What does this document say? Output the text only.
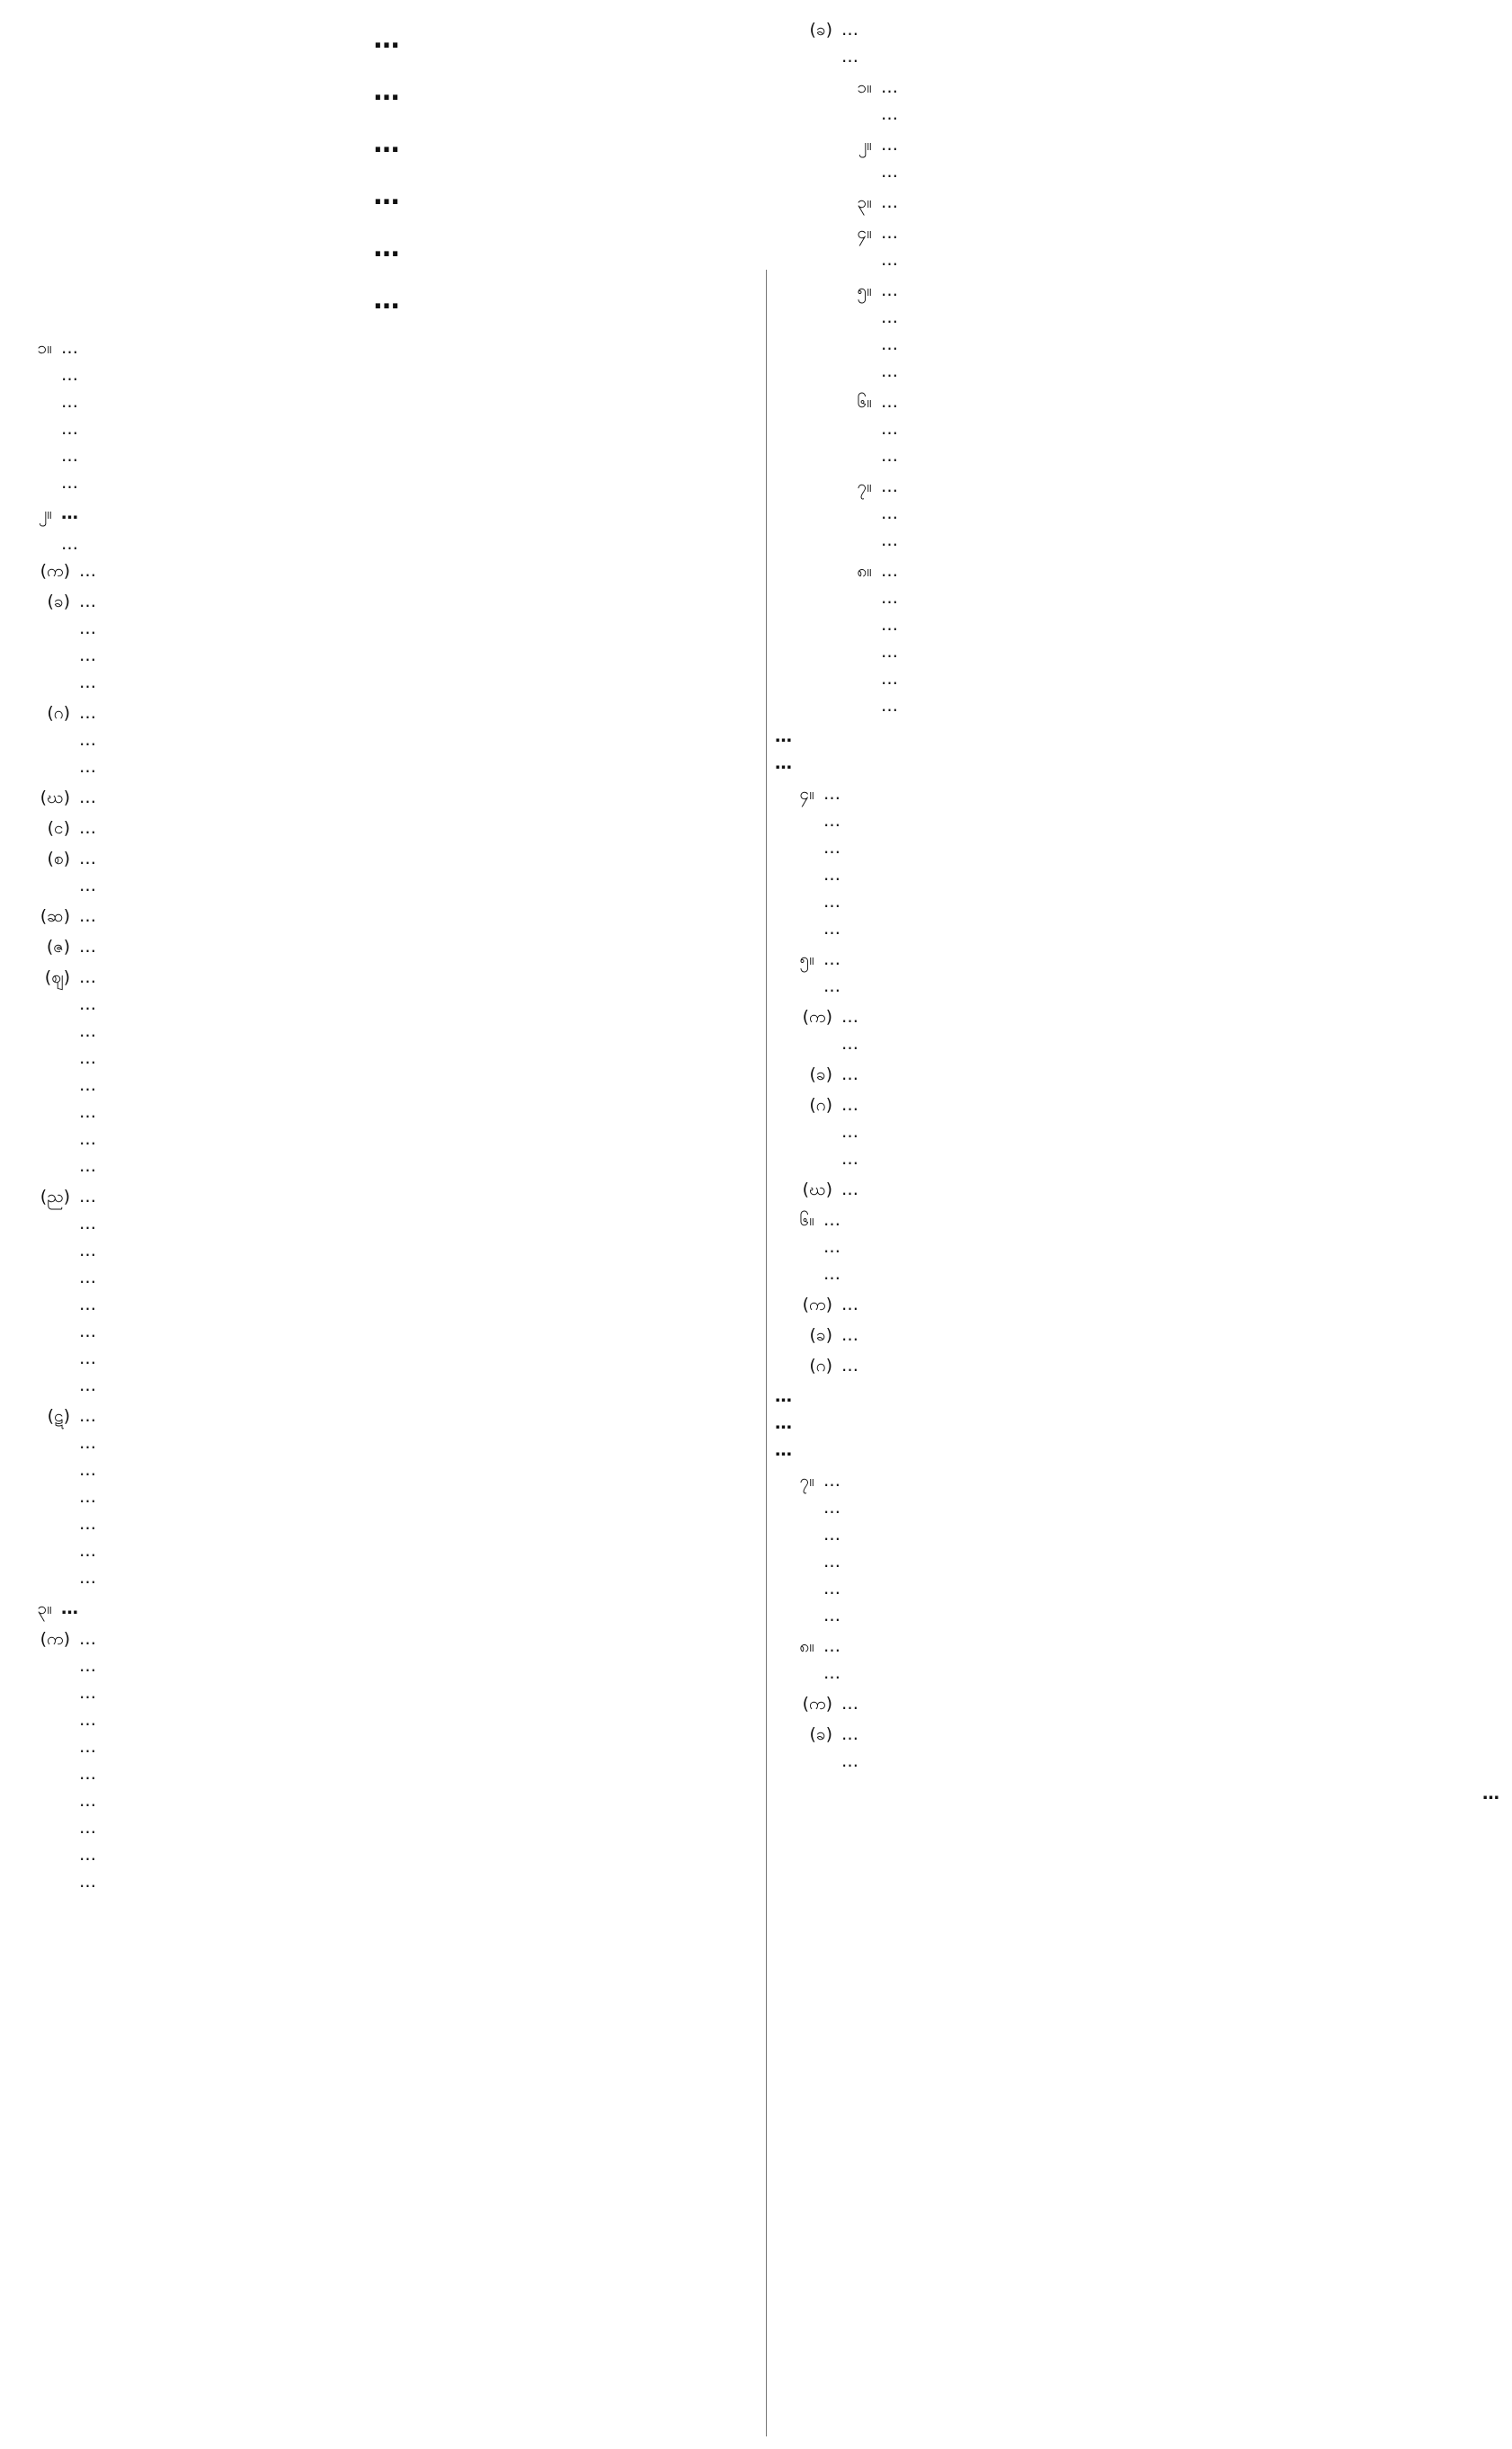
…
…
…
…
…
…
၁။ …
…
…
…
…
…
၂။ …
…
(က) …
(ခ) …
…
…
…
(ဂ) …
…
…
(ဃ) …
(င) …
(စ) …
…
(ဆ) …
(ဇ) …
(ဈ) …
…
…
…
…
…
…
…
(ည) …
…
…
…
…
…
…
…
(ဋ) …
…
…
…
…
…
…
၃။ …
(က) …
…
…
…
…
…
…
…
…
…
(ခ) …
…
၁။ …
…
၂။ …
…
၃။ …
၄။ …
…
၅။ …
…
…
…
၆။ …
…
…
၇။ …
…
…
၈။ …
…
…
…
…
…
…
…
၄။ …
…
…
…
…
…
၅။ …
…
(က) …
…
(ခ) …
(ဂ) …
…
…
(ဃ) …
၆။ …
…
…
(က) …
(ခ) …
(ဂ) …
…
…
…
၇။ …
…
…
…
…
…
၈။ …
…
(က) …
(ခ) …
…
…
